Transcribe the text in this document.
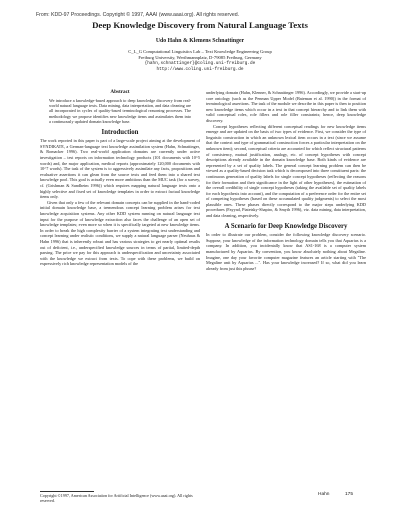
From: KDD-97 Proceedings. Copyright © 1997, AAAI (www.aaai.org). All rights reserved.
Deep Knowledge Discovery from Natural Language Texts
Udo Hahn & Klemens Schnattinger
C_L_G Computational Linguistics Lab – Text Knowledge Engineering Group
Freiburg University, Werthmannplatz, D-79085 Freiburg, Germany
{hahn,schnattinger}@coling.uni-freiburg.de
http://www.coling.uni-freiburg.de
Abstract
We introduce a knowledge-based approach to deep knowledge discovery from real-world natural language texts. Data mining, data interpretation, and data cleaning are all incorporated in cycles of quality-based terminological reasoning processes. The methodology we propose identifies new knowledge items and assimilates them into a continuously updated domain knowledge base.
Introduction

The work reported in this paper is part of a large-scale project aiming at the development of SYNDIKATE, a German-language text knowledge assimilation system (Hahn, Schnattinger, & Romacker 1996). Two real-world application domains are currently under active investigation – test reports on information technology products (101 documents with 10^5 words) and, the major application, medical reports (approximately 120,000 documents with 10^7 words). The task of the system is to aggressively assimilate any facts, propositions and evaluative assertions it can glean from the source texts and feed them into a shared text knowledge pool. This goal is actually even more ambitious than the MUC task (for a survey, cf. (Grishman & Sundheim 1996)) which requires mapping natural language texts onto a highly selective and fixed set of knowledge templates in order to extract factual knowledge items only.

Given that only a few of the relevant domain concepts can be supplied in the hand-coded initial domain knowledge base, a tremendous concept learning problem arises for text knowledge acquisition systems. Any other KDD system running on natural language text input for the purpose of knowledge extraction also faces the challenge of an open set of knowledge templates; even more so when it is specifically targeted at new knowledge items. In order to break the high complexity barrier of a system integrating text understanding and concept learning under realistic conditions, we supply a natural language parser (Neuhaus & Hahn 1996) that is inherently robust and has various strategies to get nearly optimal results out of deficient, i.e., underspecified knowledge sources in terms of partial, limited-depth parsing. The price we pay for this approach is underspecification and uncertainty associated with the knowledge we extract from texts. To cope with these problems, we build on expressively rich knowledge representation models of the

underlying domain (Hahn, Klenner, & Schnattinger 1996). Accordingly, we provide a start-up core ontology (such as the Penman Upper Model (Bateman et al. 1990)) in the format of terminological assertions. The task of the module we describe in this paper is then to position new knowledge items which occur in a text in that concept hierarchy and to link them with valid conceptual roles, role fillers and role filler constraints; hence, deep knowledge discovery.

Concept hypotheses reflecting different conceptual readings for new knowledge items emerge and are updated on the basis of two types of evidence. First, we consider the type of linguistic construction in which an unknown lexical item occurs in a text (since we assume that the context and type of grammatical construction forces a particular interpretation on the unknown item); second, conceptual criteria are accounted for which reflect structural patterns of consistency, mutual justification, analogy, etc. of concept hypotheses with concept descriptions already available in the domain knowledge base. Both kinds of evidence are represented by a set of quality labels. The general concept learning problem can then be viewed as a quality-based decision task which is decomposed into three constituent parts: the continuous generation of quality labels for single concept hypotheses (reflecting the reasons for their formation and their significance in the light of other hypotheses), the estimation of the overall credibility of single concept hypotheses (taking the available set of quality labels for each hypothesis into account), and the computation of a preference order for the entire set of competing hypotheses (based on these accumulated quality judgments) to select the most plausible ones. These phases directly correspond to the major steps underlying KDD procedures (Fayyad, Piatetsky-Shapiro, & Smyth 1996), viz. data mining, data interpretation, and data cleaning, respectively.

A Scenario for Deep Knowledge Discovery

In order to illustrate our problem, consider the following knowledge discovery scenario. Suppose, your knowledge of the information technology domain tells you that Aquarius is a company. In addition, you incidentally know that AS1-168 is a computer system manufactured by Aquarius. By convention, you know absolutely nothing about Megaline. Imagine, one day your favorite computer magazine features an article starting with "The Megaline unit by Aquarius ...". Has your knowledge increased? If so, what did you learn already from just this phrase?

Copyright ©1997, American Association for Artificial Intelligence (www.aaai.org). All rights reserved.
Hahn	175
